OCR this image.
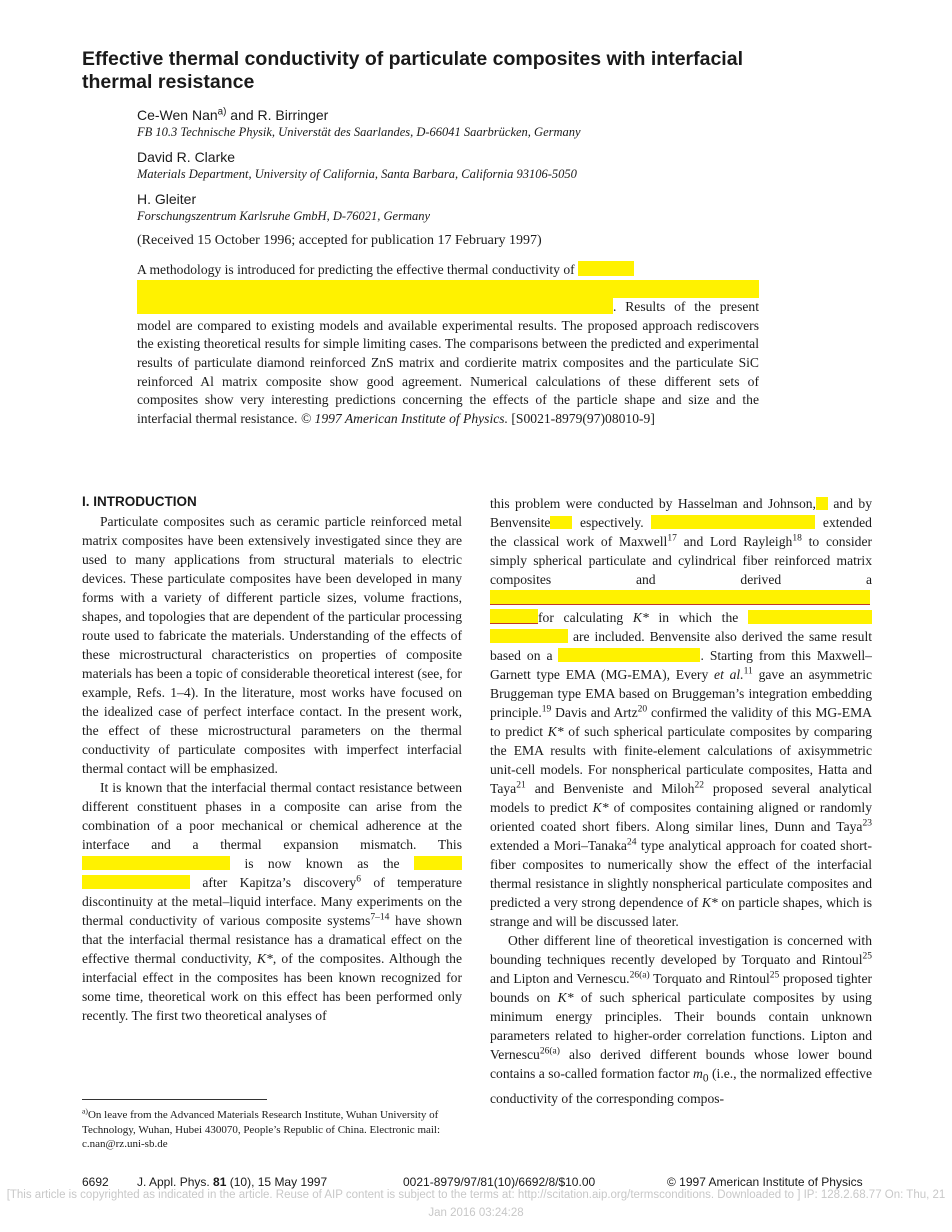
Effective thermal conductivity of particulate composites with interfacial thermal resistance
Ce-Wen Nan$^{a)}$ and R. Birringer
FB 10.3 Technische Physik, Universtät des Saarlandes, D-66041 Saarbrücken, Germany
David R. Clarke
Materials Department, University of California, Santa Barbara, California 93106-5050
H. Gleiter
Forschungszentrum Karlsruhe GmbH, D-76021, Germany
(Received 15 October 1996; accepted for publication 17 February 1997)
A methodology is introduced for predicting the effective thermal conductivity of
. Results of the present model are compared to existing models and available experimental results. The proposed approach rediscovers the existing theoretical results for simple limiting cases. The comparisons between the predicted and experimental results of particulate diamond reinforced ZnS matrix and cordierite matrix composites and the particulate SiC reinforced Al matrix composite show good agreement. Numerical calculations of these different sets of composites show very interesting predictions concerning the effects of the particle shape and size and the interfacial thermal resistance. © 1997 American Institute of Physics. [S0021-8979(97)08010-9]
I. INTRODUCTION

Particulate composites such as ceramic particle reinforced metal matrix composites have been extensively investigated since they are used to many applications from structural materials to electric devices. These particulate composites have been developed in many forms with a variety of different particle sizes, volume fractions, shapes, and topologies that are dependent of the particular processing route used to fabricate the materials. Understanding of the effects of these microstructural characteristics on properties of composite materials has been a topic of considerable theoretical interest (see, for example, Refs. 1–4). In the literature, most works have focused on the idealized case of perfect interface contact. In the present work, the effect of these microstructural parameters on the thermal conductivity of particulate composites with imperfect interfacial thermal contact will be emphasized.

It is known that the interfacial thermal contact resistance between different constituent phases in a composite can arise from the combination of a poor mechanical or chemical adherence at the interface and a thermal expansion mismatch. This  is now known as the   after Kapitza’s discovery$^6$ of temperature discontinuity at the metal–liquid interface. Many experiments on the thermal conductivity of various composite systems$^{7-14}$ have shown that the interfacial thermal resistance has a dramatical effect on the effective thermal conductivity, K*, of the composites. Although the interfacial effect in the composites has been known recognized for some time, theoretical work on this effect has been performed only recently. The first two theoretical analyses of

$^{a)}$On leave from the Advanced Materials Research Institute, Wuhan University of Technology, Wuhan, Hubei 430070, People’s Republic of China. Electronic mail: c.nan@rz.uni-sb.de

this problem were conducted by Hasselman and Johnson, and by Benvensite espectively.	extended the classical work of Maxwell$^{17}$ and Lord Rayleigh$^{18}$ to consider simply spherical particulate and cylindrical fiber reinforced matrix composites and derived a  for calculating K* in which the   are included. Benvensite also derived the same result based on a	. Starting from this Maxwell–Garnett type EMA (MG-EMA), Every et al.$^{11}$ gave an asymmetric Bruggeman type EMA based on Bruggeman’s integration embedding principle.$^{19}$ Davis and Artz$^{20}$ confirmed the validity of this MG-EMA to predict K* of such spherical particulate composites by comparing the EMA results with finite-element calculations of axisymmetric unit-cell models. For nonspherical particulate composites, Hatta and Taya$^{21}$ and Benveniste and Miloh$^{22}$ proposed several analytical models to predict K* of composites containing aligned or randomly oriented coated short fibers. Along similar lines, Dunn and Taya$^{23}$ extended a Mori–Tanaka$^{24}$ type analytical approach for coated short-fiber composites to numerically show the effect of the interfacial thermal resistance in slightly nonspherical particulate composites and predicted a very strong dependence of K* on particle shapes, which is strange and will be discussed later.

Other different line of theoretical investigation is concerned with bounding techniques recently developed by Torquato and Rintoul$^{25}$ and Lipton and Vernescu.$^{26(a)}$ Torquato and Rintoul$^{25}$ proposed tighter bounds on K* of such spherical particulate composites by using minimum energy principles. Their bounds contain unknown parameters related to higher-order correlation functions. Lipton and Vernescu$^{26(a)}$ also derived different bounds whose lower bound contains a so-called formation factor $m_0$ (i.e., the normalized effective conductivity of the corresponding compos-

6692 J. Appl. Phys. 81 (10), 15 May 1997	0021-8979/97/81(10)/6692/8/$10.00	© 1997 American Institute of Physics
[This article is copyrighted as indicated in the article. Reuse of AIP content is subject to the terms at: http://scitation.aip.org/termsconditions. Downloaded to ] IP: 128.2.68.77 On: Thu, 21 Jan 2016 03:24:28
